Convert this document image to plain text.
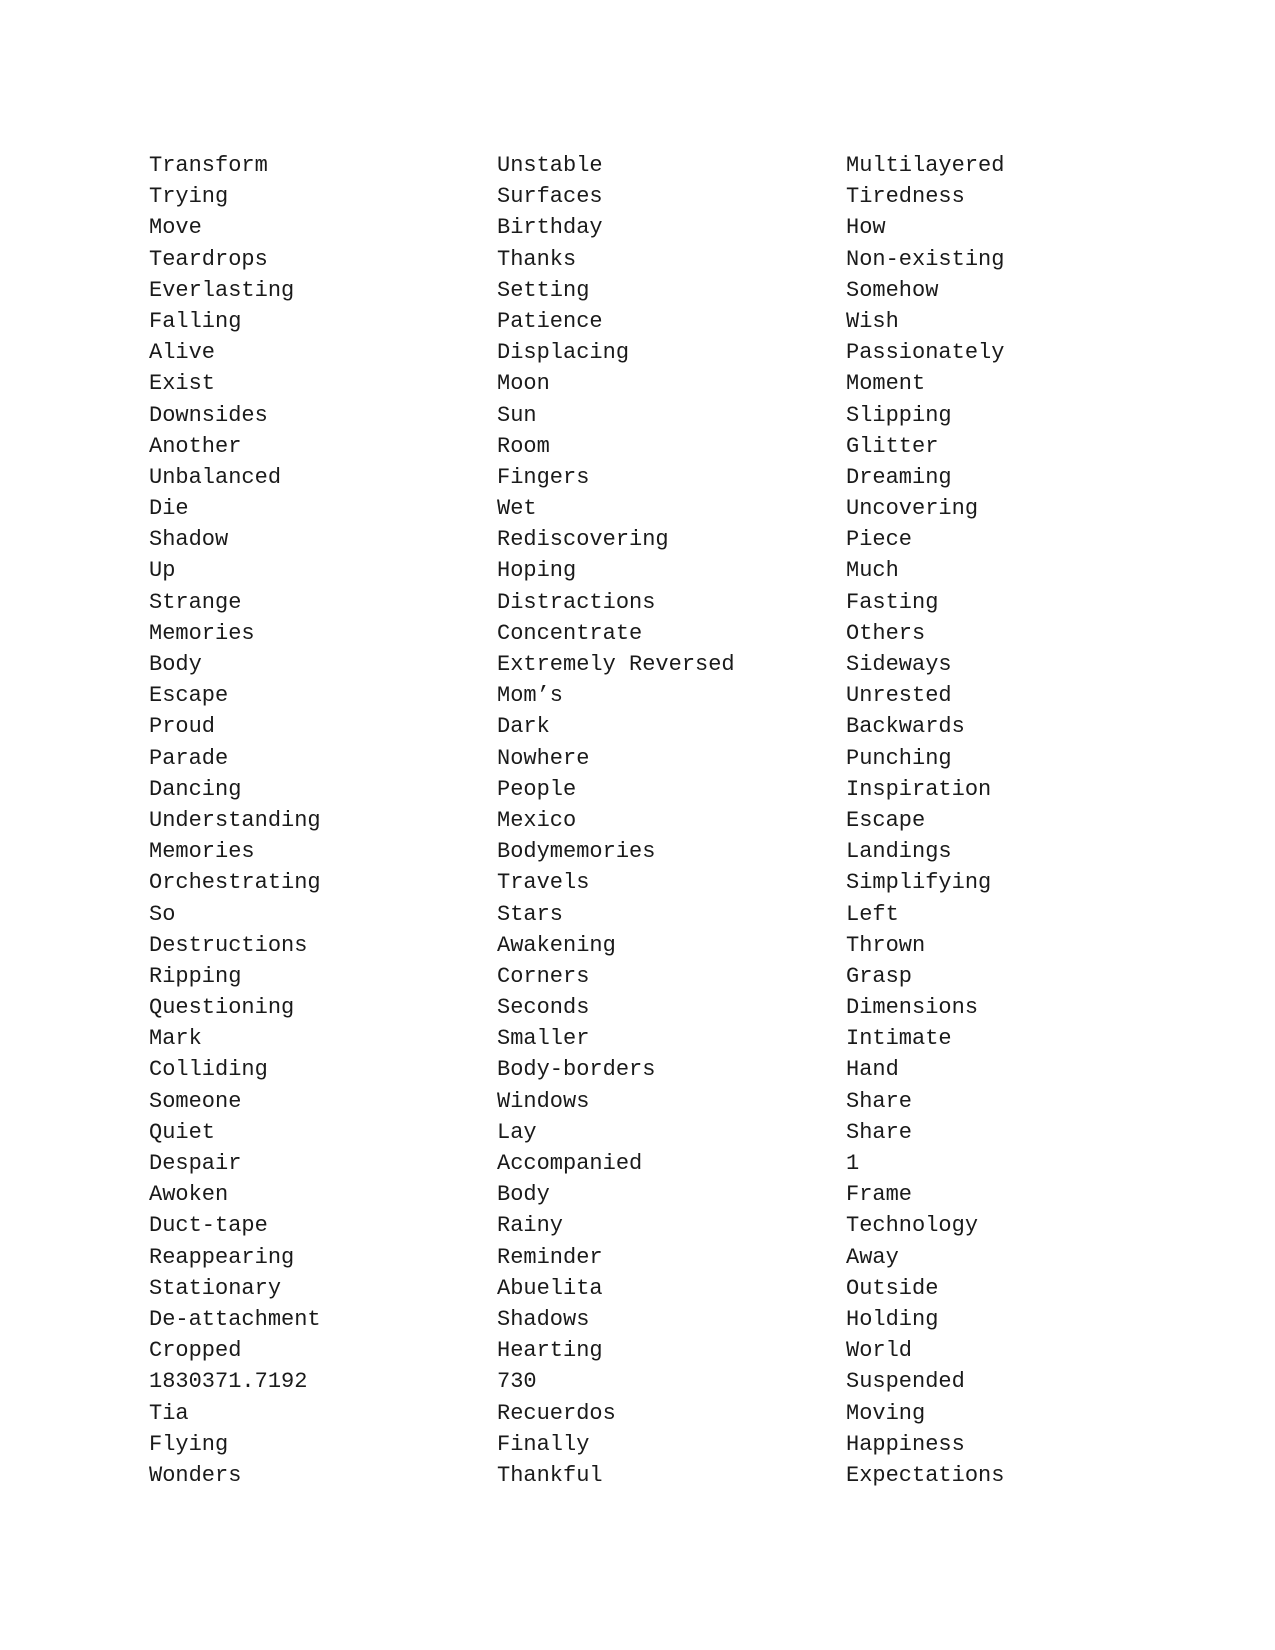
Transform
Trying
Move
Teardrops
Everlasting
Falling
Alive
Exist
Downsides
Another
Unbalanced
Die
Shadow
Up
Strange
Memories
Body
Escape
Proud
Parade
Dancing
Understanding
Memories
Orchestrating
So
Destructions
Ripping
Questioning
Mark
Colliding
Someone
Quiet
Despair
Awoken
Duct-tape
Reappearing
Stationary
De-attachment
Cropped
1830371.7192
Tia
Flying
Wonders
Unstable
Surfaces
Birthday
Thanks
Setting
Patience
Displacing
Moon
Sun
Room
Fingers
Wet
Rediscovering
Hoping
Distractions
Concentrate
Extremely Reversed
Mom’s
Dark
Nowhere
People
Mexico
Bodymemories
Travels
Stars
Awakening
Corners
Seconds
Smaller
Body-borders
Windows
Lay
Accompanied
Body
Rainy
Reminder
Abuelita
Shadows
Hearting
730
Recuerdos
Finally
Thankful
Multilayered
Tiredness
How
Non-existing
Somehow
Wish
Passionately
Moment
Slipping
Glitter
Dreaming
Uncovering
Piece
Much
Fasting
Others
Sideways
Unrested
Backwards
Punching
Inspiration
Escape
Landings
Simplifying
Left
Thrown
Grasp
Dimensions
Intimate
Hand
Share
Share
1
Frame
Technology
Away
Outside
Holding
World
Suspended
Moving
Happiness
Expectations
